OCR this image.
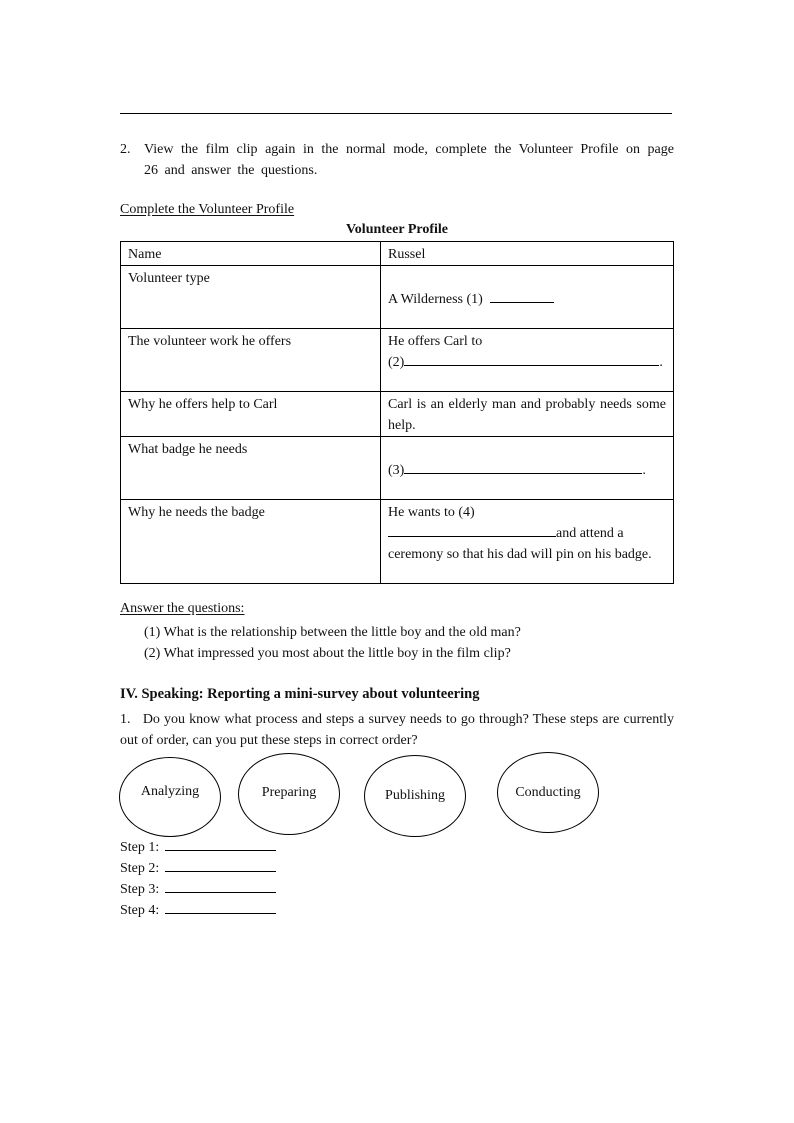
2. View the film clip again in the normal mode, complete the Volunteer Profile on page 26 and answer the questions.
Complete the Volunteer Profile
Volunteer Profile
Name	Russel
Volunteer type	A Wilderness (1)

The volunteer work he offers	He offers Carl to
(2) .

Why he offers help to Carl	Carl is an elderly man and probably needs some help.
What badge he needs	(3) .

Why he needs the badge	He wants to (4)
and attend a ceremony so that his dad will pin on his badge.
Answer the questions:
(1) What is the relationship between the little boy and the old man?
(2) What impressed you most about the little boy in the film clip?
IV. Speaking: Reporting a mini-survey about volunteering
1.   Do you know what process and steps a survey needs to go through? These steps are currently out of order, can you put these steps in correct order?
Analyzing	Preparing	Publishing	Conducting
Step 1:
Step 2:
Step 3:
Step 4:
